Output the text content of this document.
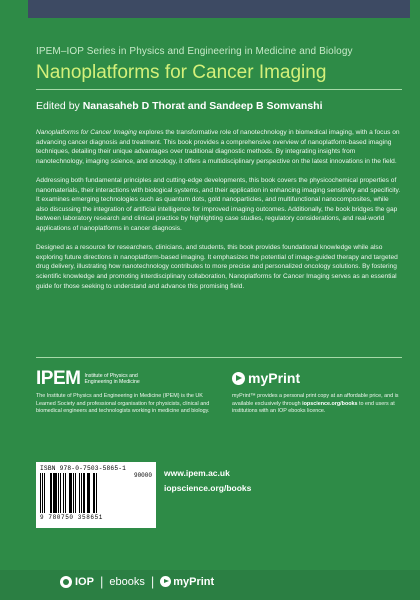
IPEM–IOP Series in Physics and Engineering in Medicine and Biology
Nanoplatforms for Cancer Imaging
Edited by Nanasaheb D Thorat and Sandeep B Somvanshi

Nanoplatforms for Cancer Imaging explores the transformative role of nanotechnology in biomedical imaging, with a focus on advancing cancer diagnosis and treatment. This book provides a comprehensive overview of nanoplatform-based imaging techniques, detailing their unique advantages over traditional diagnostic methods. By integrating insights from nanotechnology, imaging science, and oncology, it offers a multidisciplinary perspective on the latest innovations in the field.

Addressing both fundamental principles and cutting-edge developments, this book covers the physicochemical properties of nanomaterials, their interactions with biological systems, and their application in enhancing imaging sensitivity and specificity. It examines emerging technologies such as quantum dots, gold nanoparticles, and multifunctional nanocomposites, while also discussing the integration of artificial intelligence for improved imaging outcomes. Additionally, the book bridges the gap between laboratory research and clinical practice by highlighting case studies, regulatory considerations, and real-world applications of nanoplatforms in cancer diagnosis.

Designed as a resource for researchers, clinicians, and students, this book provides foundational knowledge while also exploring future directions in nanoplatform-based imaging. It emphasizes the potential of image-guided therapy and targeted drug delivery, illustrating how nanotechnology contributes to more precise and personalized oncology solutions. By fostering scientific knowledge and promoting interdisciplinary collaboration, Nanoplatforms for Cancer Imaging serves as an essential guide for those seeking to understand and advance this promising field.

IPEM Institute of Physics and
Engineering in Medicine
The Institute of Physics and Engineering in Medicine (IPEM) is the UK Learned Society and professional organisation for physicists, clinical and biomedical engineers and technologists working in medicine and biology.
myPrint
myPrint™ provides a personal print copy at an affordable price, and is available exclusively through iopscience.org/books to end users at institutions with an IOP ebooks licence.
ISBN 978-0-7503-5865-1
90000
9 780750 358651
www.ipem.ac.uk
iopscience.org/books
IOP | ebooks | myPrint
